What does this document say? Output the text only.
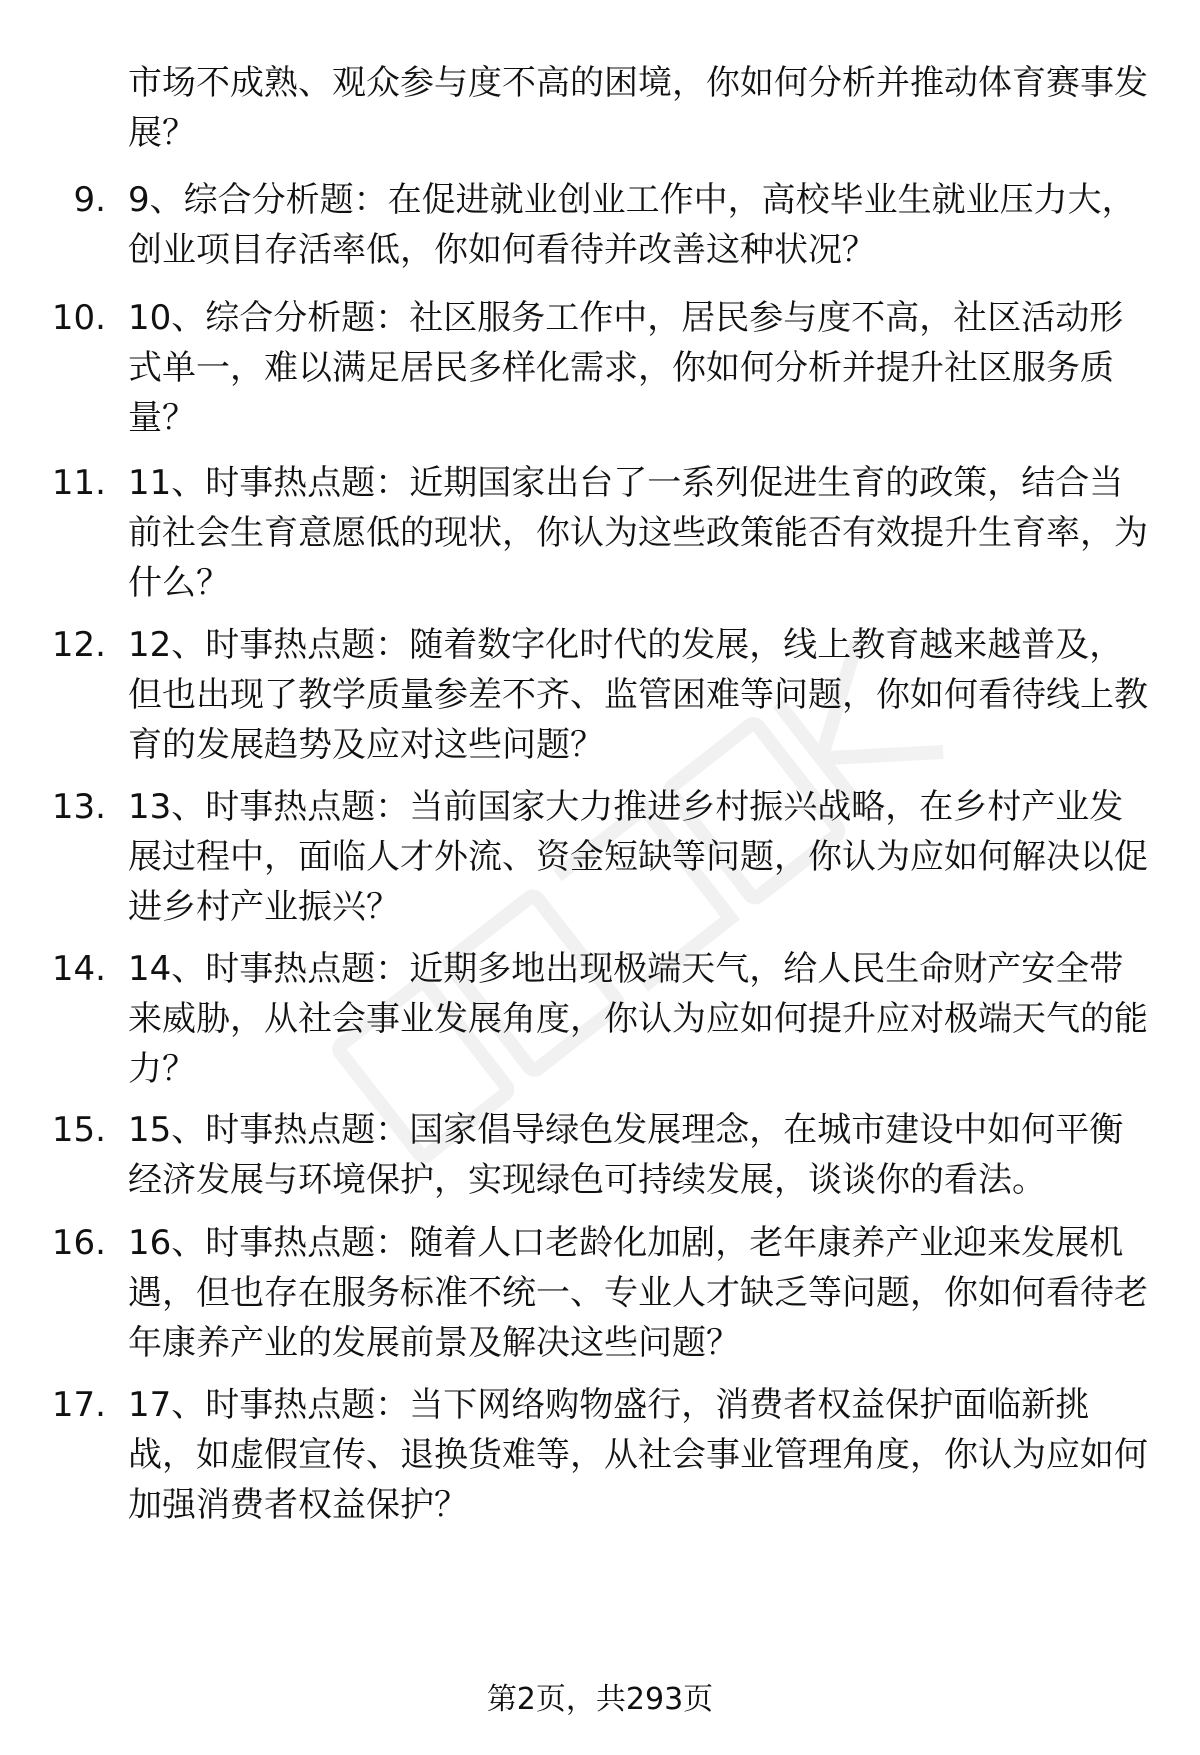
市场不成熟、观众参与度不高的困境，你如何分析并推动体育赛事发展？
9. 9、综合分析题：在促进就业创业工作中，高校毕业生就业压力大，创业项目存活率低，你如何看待并改善这种状况？
10. 10、综合分析题：社区服务工作中，居民参与度不高，社区活动形式单一，难以满足居民多样化需求，你如何分析并提升社区服务质量？
11. 11、时事热点题：近期国家出台了一系列促进生育的政策，结合当前社会生育意愿低的现状，你认为这些政策能否有效提升生育率，为什么？
12. 12、时事热点题：随着数字化时代的发展，线上教育越来越普及，但也出现了教学质量参差不齐、监管困难等问题，你如何看待线上教育的发展趋势及应对这些问题？
13. 13、时事热点题：当前国家大力推进乡村振兴战略，在乡村产业发展过程中，面临人才外流、资金短缺等问题，你认为应如何解决以促进乡村产业振兴？
14. 14、时事热点题：近期多地出现极端天气，给人民生命财产安全带来威胁，从社会事业发展角度，你认为应如何提升应对极端天气的能力？
15. 15、时事热点题：国家倡导绿色发展理念，在城市建设中如何平衡经济发展与环境保护，实现绿色可持续发展，谈谈你的看法。
16. 16、时事热点题：随着人口老龄化加剧，老年康养产业迎来发展机遇，但也存在服务标准不统一、专业人才缺乏等问题，你如何看待老年康养产业的发展前景及解决这些问题？
17. 17、时事热点题：当下网络购物盛行，消费者权益保护面临新挑战，如虚假宣传、退换货难等，从社会事业管理角度，你认为应如何加强消费者权益保护？
第2页，共293页
